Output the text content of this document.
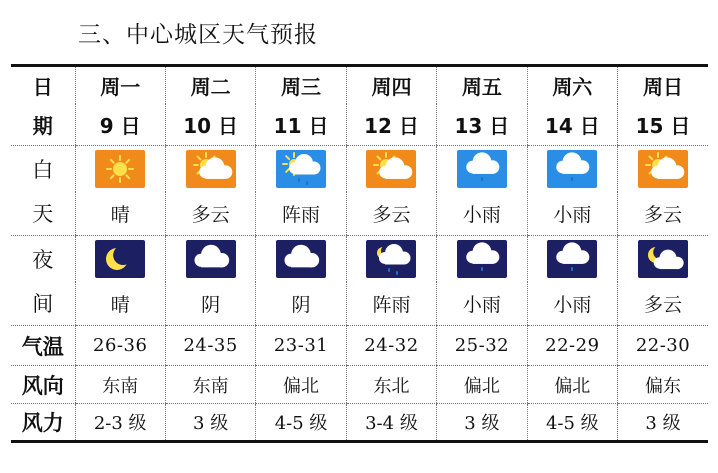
三、中心城区天气预报
日	周一	周二	周三	周四	周五	周六	周日
期	9 日	10 日	11 日	12 日	13 日	14 日	15 日
白	

天	晴	多云	阵雨	多云	小雨	小雨	多云
夜	

间	晴	阴	阴	阵雨	小雨	小雨	多云
气温	26-36	24-35	23-31	24-32	25-32	22-29	22-30
风向	东南	东南	偏北	东北	偏北	偏北	偏东
风力	2-3 级	3 级	4-5 级	3-4 级	3 级	4-5 级	3 级
